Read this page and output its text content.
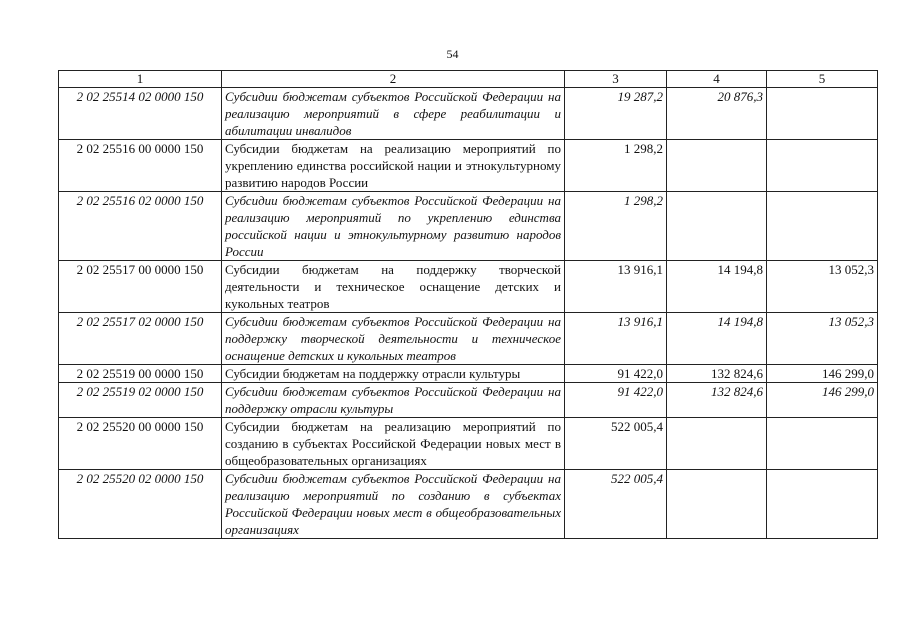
54
1	2	3	4	5
2 02 25514 02 0000 150	Субсидии бюджетам субъектов Российской Федерации на реализацию мероприятий в сфере реабилитации и абилитации инвалидов	19 287,2	20 876,3	
2 02 25516 00 0000 150	Субсидии бюджетам на реализацию мероприятий по укреплению единства российской нации и этнокультурному развитию народов России	1 298,2		
2 02 25516 02 0000 150	Субсидии бюджетам субъектов Российской Федерации на реализацию мероприятий по укреплению единства российской нации и этнокультурному развитию народов России	1 298,2		
2 02 25517 00 0000 150	Субсидии бюджетам на поддержку творческой деятельности и техническое оснащение детских и кукольных театров	13 916,1	14 194,8	13 052,3
2 02 25517 02 0000 150	Субсидии бюджетам субъектов Российской Федерации на поддержку творческой деятельности и техническое оснащение детских и кукольных театров	13 916,1	14 194,8	13 052,3
2 02 25519 00 0000 150	Субсидии бюджетам на поддержку отрасли культуры	91 422,0	132 824,6	146 299,0
2 02 25519 02 0000 150	Субсидии бюджетам субъектов Российской Федерации на поддержку отрасли культуры	91 422,0	132 824,6	146 299,0
2 02 25520 00 0000 150	Субсидии бюджетам на реализацию мероприятий по созданию в субъектах Российской Федерации новых мест в общеобразовательных организациях	522 005,4		
2 02 25520 02 0000 150	Субсидии бюджетам субъектов Российской Федерации на реализацию мероприятий по созданию в субъектах Российской Федерации новых мест в общеобразовательных организациях	522 005,4		
